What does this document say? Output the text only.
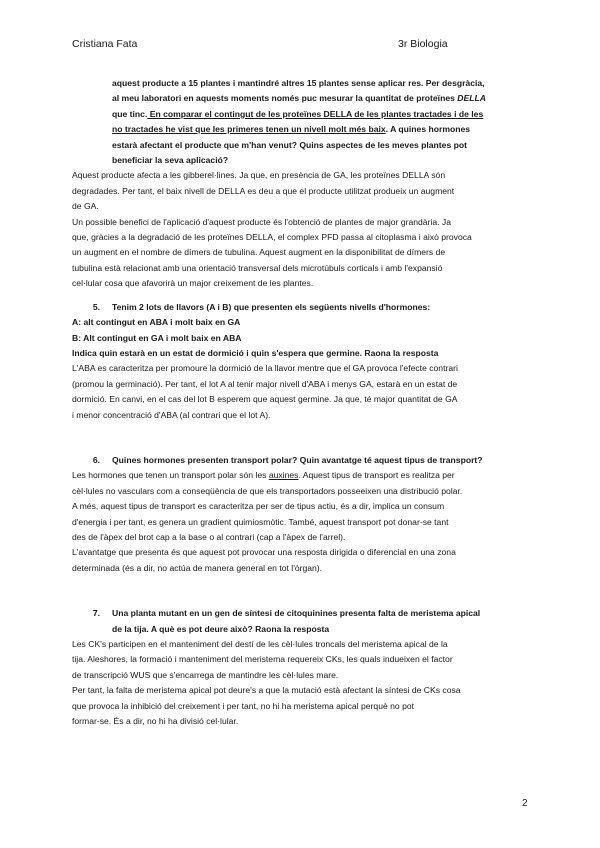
Cristiana Fata	3r Biologia

aquest producte a 15 plantes i mantindré altres 15 plantes sense aplicar res. Per desgràcia,

al meu laboratori en aquests moments només puc mesurar la quantitat de proteïnes DELLA

que tinc. En comparar el contingut de les proteïnes DELLA de les plantes tractades i de les

no tractades he vist que les primeres tenen un nivell molt més baix. A quines hormones

estarà afectant el producte que m'han venut? Quins aspectes de les meves plantes pot

beneficiar la seva aplicació?

Aquest producte afecta a les gibberel·lines. Ja que, en presència de GA, les proteïnes DELLA són

degradades. Per tant, el baix nivell de DELLA es deu a que el producte utilitzat produeix un augment

de GA.

Un possible benefici de l'aplicació d'aquest producte és l'obtenció de plantes de major grandària. Ja

que, gràcies a la degradació de les proteïnes DELLA, el complex PFD passa al citoplasma i això provoca

un augment en el nombre de dímers de tubulina. Aquest augment en la disponibilitat de dímers de

tubulina està relacionat amb una orientació transversal dels microtúbuls corticals i amb l'expansió

cel·lular cosa que afavorirà un major creixement de les plantes.

5.	Tenim 2 lots de llavors (A i B) que presenten els següents nivells d'hormones:

A: alt contingut en ABA i molt baix en GA

B: Alt contingut en GA i molt baix en ABA

Indica quin estarà en un estat de dormició i quin s'espera que germine. Raona la resposta

L'ABA es caracteritza per promoure la dormició de la llavor mentre que el GA provoca l'efecte contrari

(promou la germinació). Per tant, el lot A al tenir major nivell d'ABA i menys GA, estarà en un estat de

dormició. En canvi, en el cas del lot B esperem que aquest germine. Ja que, té major quantitat de GA

i menor concentració d'ABA (al contrari que el lot A).

6.	Quines hormones presenten transport polar? Quin avantatge té aquest tipus de transport?

Les hormones que tenen un transport polar són les auxines. Aquest tipus de transport es realitza per

cèl·lules no vasculars com a conseqüència de que els transportadors posseeixen una distribució polar.

A més, aquest tipus de transport es caracteritza per ser de tipus actiu, és a dir, implica un consum

d'energia i per tant, es genera un gradient quimiosmòtic. També, aquest transport pot donar-se tant

des de l'àpex del brot cap a la base o al contrari (cap a l'àpex de l'arrel).

L'avantatge que presenta és que aquest pot provocar una resposta dirigida o diferencial en una zona

determinada (és a dir, no actúa de manera general en tot l'òrgan).

7.	Una planta mutant en un gen de síntesi de citoquinines presenta falta de meristema apical

de la tija. A què es pot deure això? Raona la resposta

Les CK's participen en el manteniment del destí de les cèl·lules troncals del meristema apical de la

tija. Aleshores, la formació i manteniment del meristema requereix CKs, les quals indueixen el factor

de transcripció WUS que s'encarrega de mantindre les cèl·lules mare.

Per tant, la falta de meristema apical pot deure's a que la mutació està afectant la síntesi de CKs cosa

que provoca la inhibició del creixement i per tant, no hi ha meristema apical perquè no pot

formar-se. És a dir, no hi ha divisió cel·lular.

2
